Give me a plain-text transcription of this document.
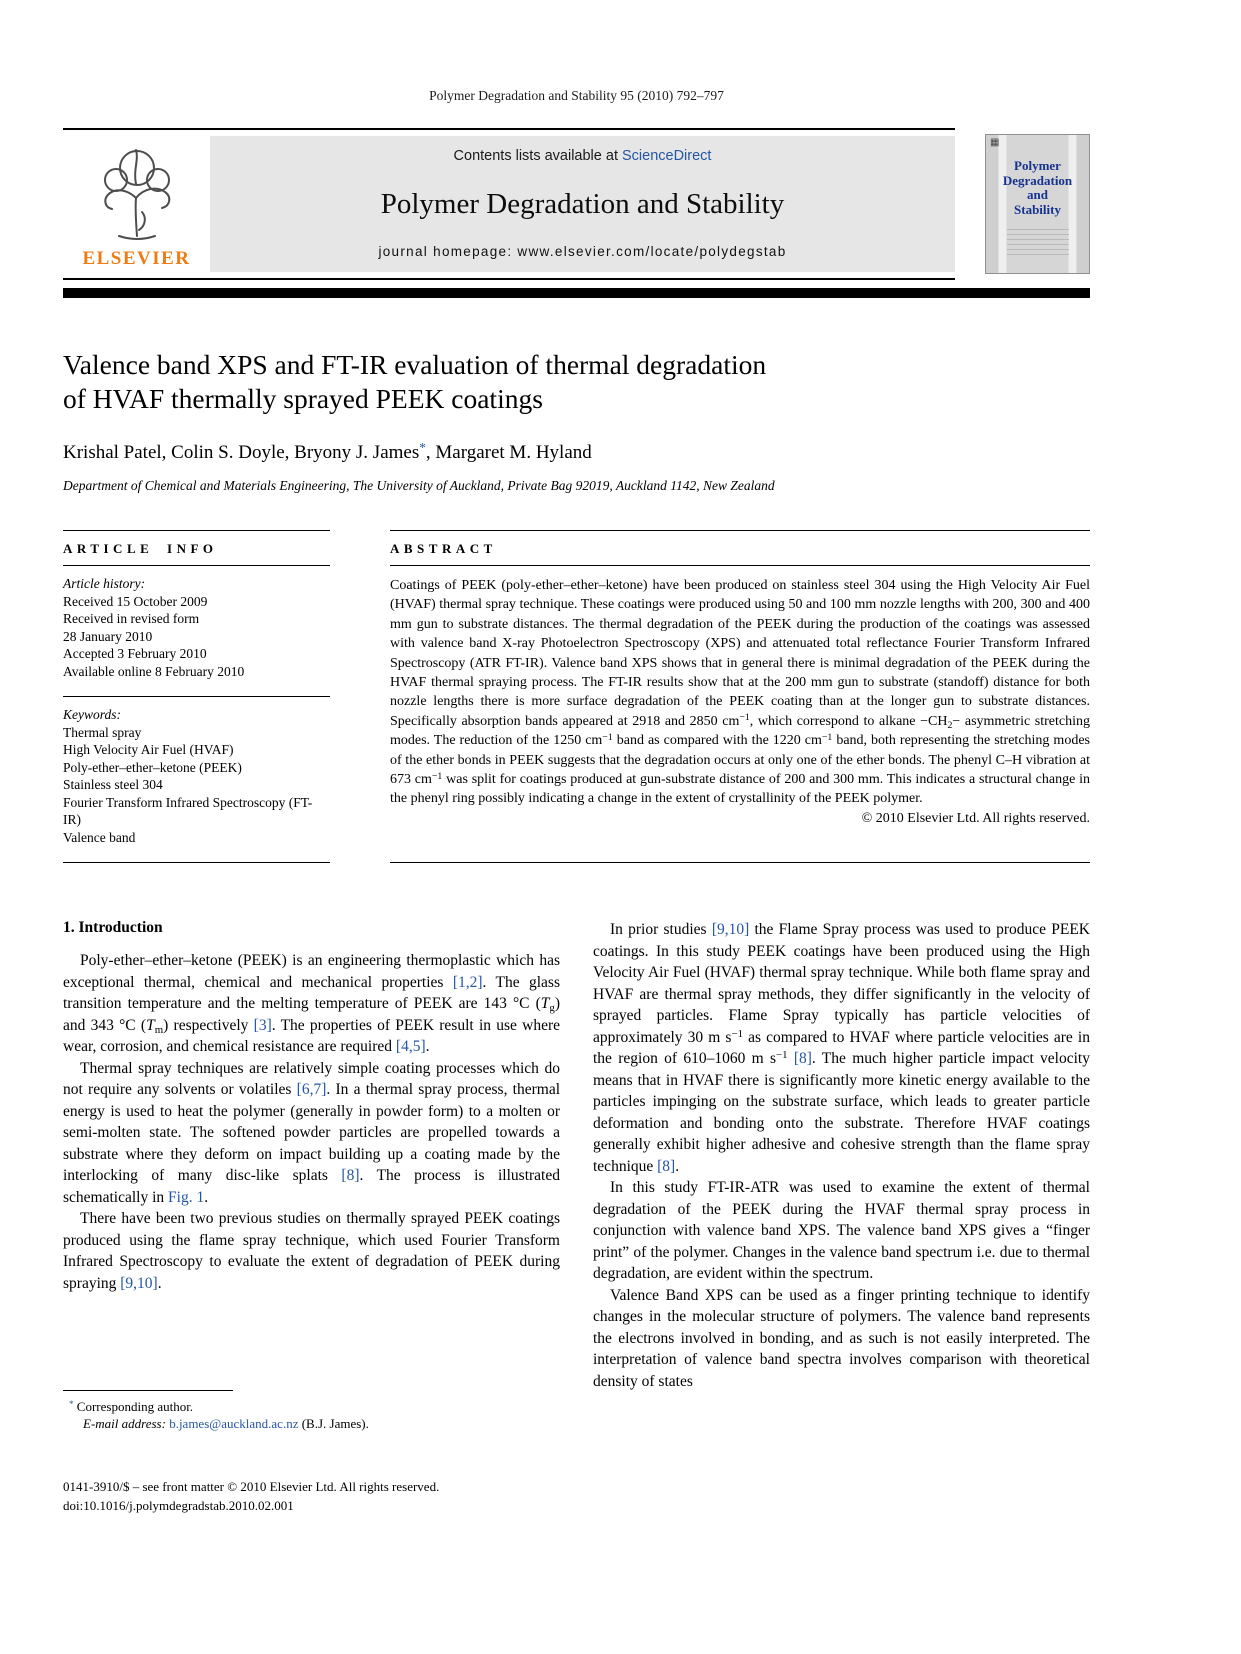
Polymer Degradation and Stability 95 (2010) 792–797
ELSEVIER
Contents lists available at ScienceDirect
Polymer Degradation and Stability
journal homepage: www.elsevier.com/locate/polydegstab
▦
Polymer
Degradation
and
Stability
Valence band XPS and FT-IR evaluation of thermal degradation
of HVAF thermally sprayed PEEK coatings
Krishal Patel, Colin S. Doyle, Bryony J. James*, Margaret M. Hyland
Department of Chemical and Materials Engineering, The University of Auckland, Private Bag 92019, Auckland 1142, New Zealand
ARTICLE INFO
Article history:
Received 15 October 2009
Received in revised form
28 January 2010
Accepted 3 February 2010
Available online 8 February 2010
Keywords:
Thermal spray
High Velocity Air Fuel (HVAF)
Poly-ether–ether–ketone (PEEK)
Stainless steel 304
Fourier Transform Infrared Spectroscopy (FT-IR)
Valence band
ABSTRACT
Coatings of PEEK (poly-ether–ether–ketone) have been produced on stainless steel 304 using the High Velocity Air Fuel (HVAF) thermal spray technique. These coatings were produced using 50 and 100 mm nozzle lengths with 200, 300 and 400 mm gun to substrate distances. The thermal degradation of the PEEK during the production of the coatings was assessed with valence band X-ray Photoelectron Spectroscopy (XPS) and attenuated total reflectance Fourier Transform Infrared Spectroscopy (ATR FT-IR). Valence band XPS shows that in general there is minimal degradation of the PEEK during the HVAF thermal spraying process. The FT-IR results show that at the 200 mm gun to substrate (standoff) distance for both nozzle lengths there is more surface degradation of the PEEK coating than at the longer gun to substrate distances. Specifically absorption bands appeared at 2918 and 2850 $cm^{-1}$, which correspond to alkane −CH2− asymmetric stretching modes. The reduction of the 1250 $cm^{-1}$ band as compared with the 1220 $cm^{-1}$ band, both representing the stretching modes of the ether bonds in PEEK suggests that the degradation occurs at only one of the ether bonds. The phenyl C–H vibration at 673 $cm^{-1}$ was split for coatings produced at gun-substrate distance of 200 and 300 mm. This indicates a structural change in the phenyl ring possibly indicating a change in the extent of crystallinity of the PEEK polymer.
© 2010 Elsevier Ltd. All rights reserved.
1. Introduction

Poly-ether–ether–ketone (PEEK) is an engineering thermoplastic which has exceptional thermal, chemical and mechanical properties [1,2]. The glass transition temperature and the melting temperature of PEEK are 143 °C (Tg) and 343 °C (Tm) respectively [3]. The properties of PEEK result in use where wear, corrosion, and chemical resistance are required [4,5].

Thermal spray techniques are relatively simple coating processes which do not require any solvents or volatiles [6,7]. In a thermal spray process, thermal energy is used to heat the polymer (generally in powder form) to a molten or semi-molten state. The softened powder particles are propelled towards a substrate where they deform on impact building up a coating made by the interlocking of many disc-like splats [8]. The process is illustrated schematically in Fig. 1.

There have been two previous studies on thermally sprayed PEEK coatings produced using the flame spray technique, which used Fourier Transform Infrared Spectroscopy to evaluate the extent of degradation of PEEK during spraying [9,10].

* Corresponding author.
E-mail address: b.james@auckland.ac.nz (B.J. James).
0141-3910/$ – see front matter © 2010 Elsevier Ltd. All rights reserved.
doi:10.1016/j.polymdegradstab.2010.02.001

In prior studies [9,10] the Flame Spray process was used to produce PEEK coatings. In this study PEEK coatings have been produced using the High Velocity Air Fuel (HVAF) thermal spray technique. While both flame spray and HVAF are thermal spray methods, they differ significantly in the velocity of sprayed particles. Flame Spray typically has particle velocities of approximately 30 m $s^{-1}$ as compared to HVAF where particle velocities are in the region of 610–1060 m $s^{-1}$ [8]. The much higher particle impact velocity means that in HVAF there is significantly more kinetic energy available to the particles impinging on the substrate surface, which leads to greater particle deformation and bonding onto the substrate. Therefore HVAF coatings generally exhibit higher adhesive and cohesive strength than the flame spray technique [8].

In this study FT-IR-ATR was used to examine the extent of thermal degradation of the PEEK during the HVAF thermal spray process in conjunction with valence band XPS. The valence band XPS gives a “finger print” of the polymer. Changes in the valence band spectrum i.e. due to thermal degradation, are evident within the spectrum.

Valence Band XPS can be used as a finger printing technique to identify changes in the molecular structure of polymers. The valence band represents the electrons involved in bonding, and as such is not easily interpreted. The interpretation of valence band spectra involves comparison with theoretical density of states
